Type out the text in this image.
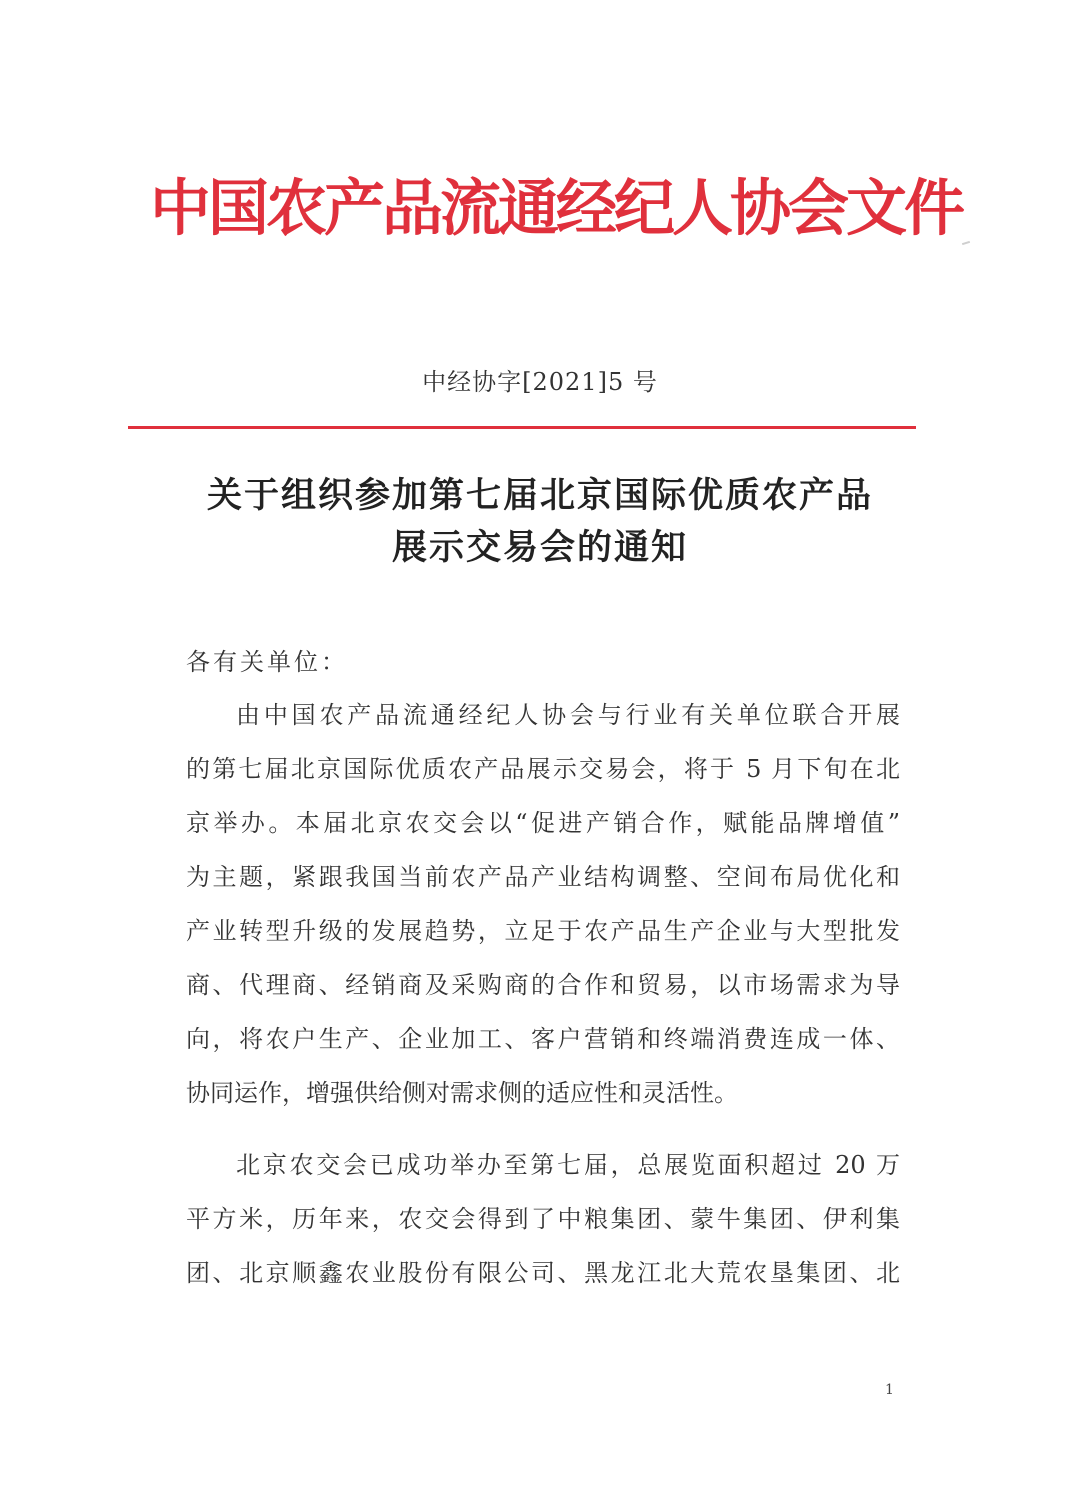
中国农产品流通经纪人协会文件
中经协字[2021]5 号
关于组织参加第七届北京国际优质农产品
展示交易会的通知
各有关单位：
由中国农产品流通经纪人协会与行业有关单位联合开展
的第七届北京国际优质农产品展示交易会，将于 5 月下旬在北
京举办。本届北京农交会以“促进产销合作，赋能品牌增值”
为主题，紧跟我国当前农产品产业结构调整、空间布局优化和
产业转型升级的发展趋势，立足于农产品生产企业与大型批发
商、代理商、经销商及采购商的合作和贸易，以市场需求为导
向，将农户生产、企业加工、客户营销和终端消费连成一体、
协同运作，增强供给侧对需求侧的适应性和灵活性。
北京农交会已成功举办至第七届，总展览面积超过 20 万
平方米，历年来，农交会得到了中粮集团、蒙牛集团、伊利集
团、北京顺鑫农业股份有限公司、黑龙江北大荒农垦集团、北
1
